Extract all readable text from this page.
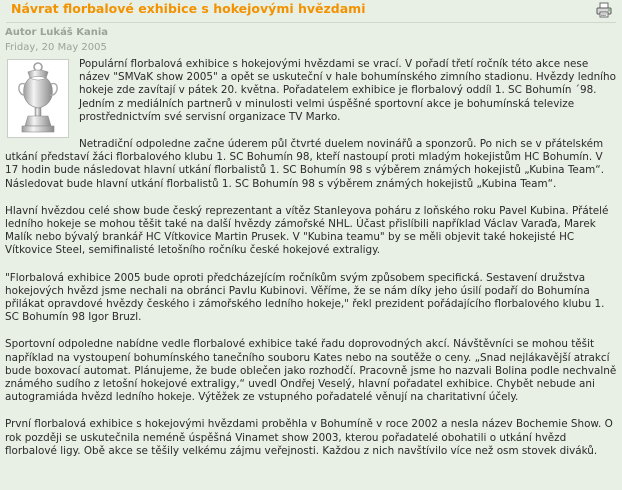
Návrat florbalové exhibice s hokejovými hvězdami
Autor Lukáš Kania
Friday, 20 May 2005

Populární florbalová exhibice s hokejovými hvězdami se vrací. V pořadí třetí ročník této akce nese název "SMVaK show 2005" a opět se uskuteční v hale bohumínského zimního stadionu. Hvězdy ledního hokeje zde zavítají v pátek 20. května. Pořadatelem exhibice je florbalový oddíl 1. SC Bohumín ´98. Jedním z mediálních partnerů v minulosti velmi úspěšné sportovní akce je bohumínská televize prostřednictvím své servisní organizace TV Marko.

Netradiční odpoledne začne úderem půl čtvrté duelem novinářů a sponzorů. Po nich se v přátelském utkání představí žáci florbalového klubu 1. SC Bohumín 98, kteří nastoupí proti mladým hokejistům HC Bohumín. V 17 hodin bude následovat hlavní utkání florbalistů 1. SC Bohumín 98 s výběrem známých hokejistů „Kubina Team“. Následovat bude hlavní utkání florbalistů 1. SC Bohumín 98 s výběrem známých hokejistů „Kubina Team“.

Hlavní hvězdou celé show bude český reprezentant a vítěz Stanleyova poháru z loňského roku Pavel Kubina. Přátelé ledního hokeje se mohou těšit také na další hvězdy zámořské NHL. Účast přislíbili například Václav Varaďa, Marek Malík nebo bývalý brankář HC Vítkovice Martin Prusek. V "Kubina teamu" by se měli objevit také hokejisté HC Vítkovice Steel, semifinalisté letošního ročníku české hokejové extraligy.

"Florbalová exhibice 2005 bude oproti předcházejícím ročníkům svým způsobem specifická. Sestavení družstva hokejových hvězd jsme nechali na obránci Pavlu Kubinovi. Věříme, že se nám díky jeho úsilí podaří do Bohumína přilákat opravdové hvězdy českého i zámořského ledního hokeje," řekl prezident pořádajícího florbalového klubu 1. SC Bohumín 98 Igor Bruzl.

Sportovní odpoledne nabídne vedle florbalové exhibice také řadu doprovodných akcí. Návštěvníci se mohou těšit například na vystoupení bohumínského tanečního souboru Kates nebo na soutěže o ceny. „Snad nejlákavější atrakcí bude boxovací automat. Plánujeme, že bude oblečen jako rozhodčí. Pracovně jsme ho nazvali Bolina podle nechvalně známého sudího z letošní hokejové extraligy,“ uvedl Ondřej Veselý, hlavní pořadatel exhibice. Chybět nebude ani autogramiáda hvězd ledního hokeje. Výtěžek ze vstupného pořadatelé věnují na charitativní účely.

První florbalová exhibice s hokejovými hvězdami proběhla v Bohumíně v roce 2002 a nesla název Bochemie Show. O rok později se uskutečnila neméně úspěšná Vinamet show 2003, kterou pořadatelé obohatili o utkání hvězd florbalové ligy. Obě akce se těšily velkému zájmu veřejnosti. Každou z nich navštívilo více než osm stovek diváků.
